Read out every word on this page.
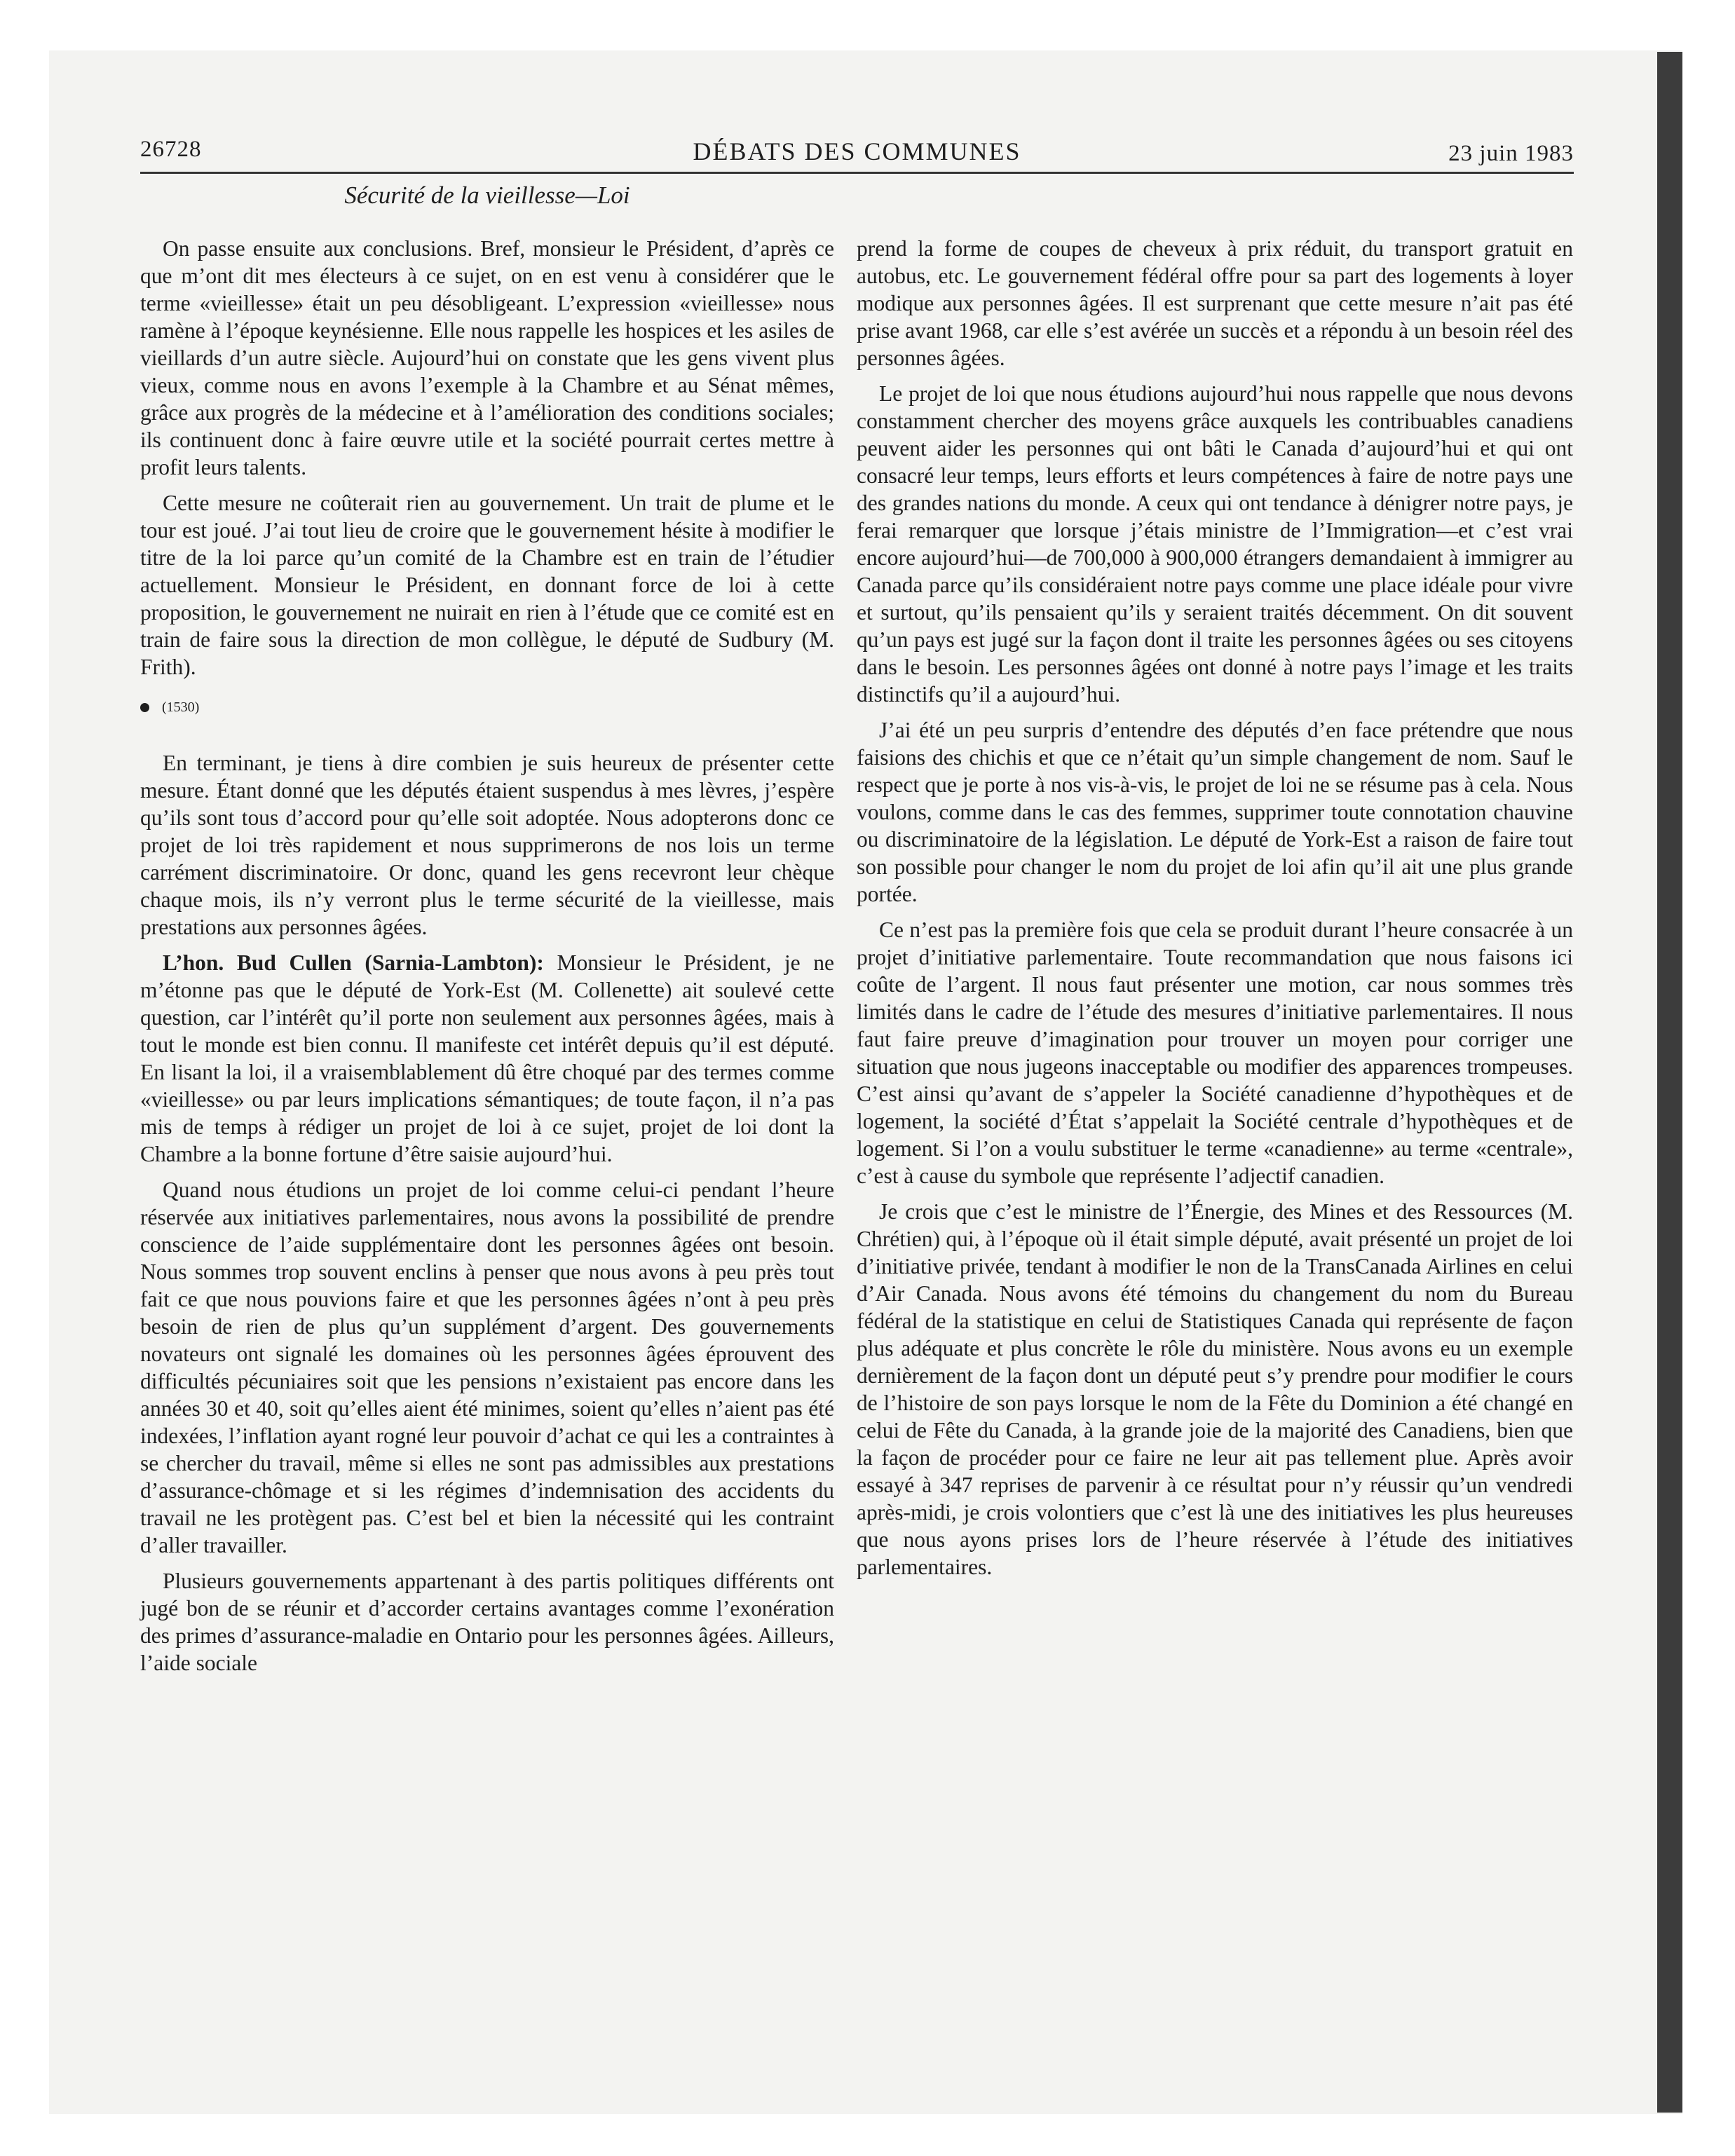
26728	DÉBATS DES COMMUNES	23 juin 1983
Sécurité de la vieillesse—Loi

On passe ensuite aux conclusions. Bref, monsieur le Président, d’après ce que m’ont dit mes électeurs à ce sujet, on en est venu à considérer que le terme «vieillesse» était un peu désobligeant. L’expression «vieillesse» nous ramène à l’époque keynésienne. Elle nous rappelle les hospices et les asiles de vieillards d’un autre siècle. Aujourd’hui on constate que les gens vivent plus vieux, comme nous en avons l’exemple à la Chambre et au Sénat mêmes, grâce aux progrès de la médecine et à l’amélioration des conditions sociales; ils continuent donc à faire œuvre utile et la société pourrait certes mettre à profit leurs talents.

Cette mesure ne coûterait rien au gouvernement. Un trait de plume et le tour est joué. J’ai tout lieu de croire que le gouvernement hésite à modifier le titre de la loi parce qu’un comité de la Chambre est en train de l’étudier actuellement. Monsieur le Président, en donnant force de loi à cette proposition, le gouvernement ne nuirait en rien à l’étude que ce comité est en train de faire sous la direction de mon collègue, le député de Sudbury (M. Frith).

(1530)

En terminant, je tiens à dire combien je suis heureux de présenter cette mesure. Étant donné que les députés étaient suspendus à mes lèvres, j’espère qu’ils sont tous d’accord pour qu’elle soit adoptée. Nous adopterons donc ce projet de loi très rapidement et nous supprimerons de nos lois un terme carrément discriminatoire. Or donc, quand les gens recevront leur chèque chaque mois, ils n’y verront plus le terme sécurité de la vieillesse, mais prestations aux personnes âgées.

L’hon. Bud Cullen (Sarnia-Lambton): Monsieur le Président, je ne m’étonne pas que le député de York-Est (M. Collenette) ait soulevé cette question, car l’intérêt qu’il porte non seulement aux personnes âgées, mais à tout le monde est bien connu. Il manifeste cet intérêt depuis qu’il est député. En lisant la loi, il a vraisemblablement dû être choqué par des termes comme «vieillesse» ou par leurs implications sémantiques; de toute façon, il n’a pas mis de temps à rédiger un projet de loi à ce sujet, projet de loi dont la Chambre a la bonne fortune d’être saisie aujourd’hui.

Quand nous étudions un projet de loi comme celui-ci pendant l’heure réservée aux initiatives parlementaires, nous avons la possibilité de prendre conscience de l’aide supplémentaire dont les personnes âgées ont besoin. Nous sommes trop souvent enclins à penser que nous avons à peu près tout fait ce que nous pouvions faire et que les personnes âgées n’ont à peu près besoin de rien de plus qu’un supplément d’argent. Des gouvernements novateurs ont signalé les domaines où les personnes âgées éprouvent des difficultés pécuniaires soit que les pensions n’existaient pas encore dans les années 30 et 40, soit qu’elles aient été minimes, soient qu’elles n’aient pas été indexées, l’inflation ayant rogné leur pouvoir d’achat ce qui les a contraintes à se chercher du travail, même si elles ne sont pas admissibles aux prestations d’assurance-chômage et si les régimes d’indemnisation des accidents du travail ne les protègent pas. C’est bel et bien la nécessité qui les contraint d’aller travailler.

Plusieurs gouvernements appartenant à des partis politiques différents ont jugé bon de se réunir et d’accorder certains avantages comme l’exonération des primes d’assurance-maladie en Ontario pour les personnes âgées. Ailleurs, l’aide sociale

prend la forme de coupes de cheveux à prix réduit, du transport gratuit en autobus, etc. Le gouvernement fédéral offre pour sa part des logements à loyer modique aux personnes âgées. Il est surprenant que cette mesure n’ait pas été prise avant 1968, car elle s’est avérée un succès et a répondu à un besoin réel des personnes âgées.

Le projet de loi que nous étudions aujourd’hui nous rappelle que nous devons constamment chercher des moyens grâce auxquels les contribuables canadiens peuvent aider les personnes qui ont bâti le Canada d’aujourd’hui et qui ont consacré leur temps, leurs efforts et leurs compétences à faire de notre pays une des grandes nations du monde. A ceux qui ont tendance à dénigrer notre pays, je ferai remarquer que lorsque j’étais ministre de l’Immigration—et c’est vrai encore aujourd’hui—de 700,000 à 900,000 étrangers demandaient à immigrer au Canada parce qu’ils considéraient notre pays comme une place idéale pour vivre et surtout, qu’ils pensaient qu’ils y seraient traités décemment. On dit souvent qu’un pays est jugé sur la façon dont il traite les personnes âgées ou ses citoyens dans le besoin. Les personnes âgées ont donné à notre pays l’image et les traits distinctifs qu’il a aujourd’hui.

J’ai été un peu surpris d’entendre des députés d’en face prétendre que nous faisions des chichis et que ce n’était qu’un simple changement de nom. Sauf le respect que je porte à nos vis-à-vis, le projet de loi ne se résume pas à cela. Nous voulons, comme dans le cas des femmes, supprimer toute connotation chauvine ou discriminatoire de la législation. Le député de York-Est a raison de faire tout son possible pour changer le nom du projet de loi afin qu’il ait une plus grande portée.

Ce n’est pas la première fois que cela se produit durant l’heure consacrée à un projet d’initiative parlementaire. Toute recommandation que nous faisons ici coûte de l’argent. Il nous faut présenter une motion, car nous sommes très limités dans le cadre de l’étude des mesures d’initiative parlementaires. Il nous faut faire preuve d’imagination pour trouver un moyen pour corriger une situation que nous jugeons inacceptable ou modifier des apparences trompeuses. C’est ainsi qu’avant de s’appeler la Société canadienne d’hypothèques et de logement, la société d’État s’appelait la Société centrale d’hypothèques et de logement. Si l’on a voulu substituer le terme «canadienne» au terme «centrale», c’est à cause du symbole que représente l’adjectif canadien.

Je crois que c’est le ministre de l’Énergie, des Mines et des Ressources (M. Chrétien) qui, à l’époque où il était simple député, avait présenté un projet de loi d’initiative privée, tendant à modifier le non de la TransCanada Airlines en celui d’Air Canada. Nous avons été témoins du changement du nom du Bureau fédéral de la statistique en celui de Statistiques Canada qui représente de façon plus adéquate et plus concrète le rôle du ministère. Nous avons eu un exemple dernièrement de la façon dont un député peut s’y prendre pour modifier le cours de l’histoire de son pays lorsque le nom de la Fête du Dominion a été changé en celui de Fête du Canada, à la grande joie de la majorité des Canadiens, bien que la façon de procéder pour ce faire ne leur ait pas tellement plue. Après avoir essayé à 347 reprises de parvenir à ce résultat pour n’y réussir qu’un vendredi après-midi, je crois volontiers que c’est là une des initiatives les plus heureuses que nous ayons prises lors de l’heure réservée à l’étude des initiatives parlementaires.
